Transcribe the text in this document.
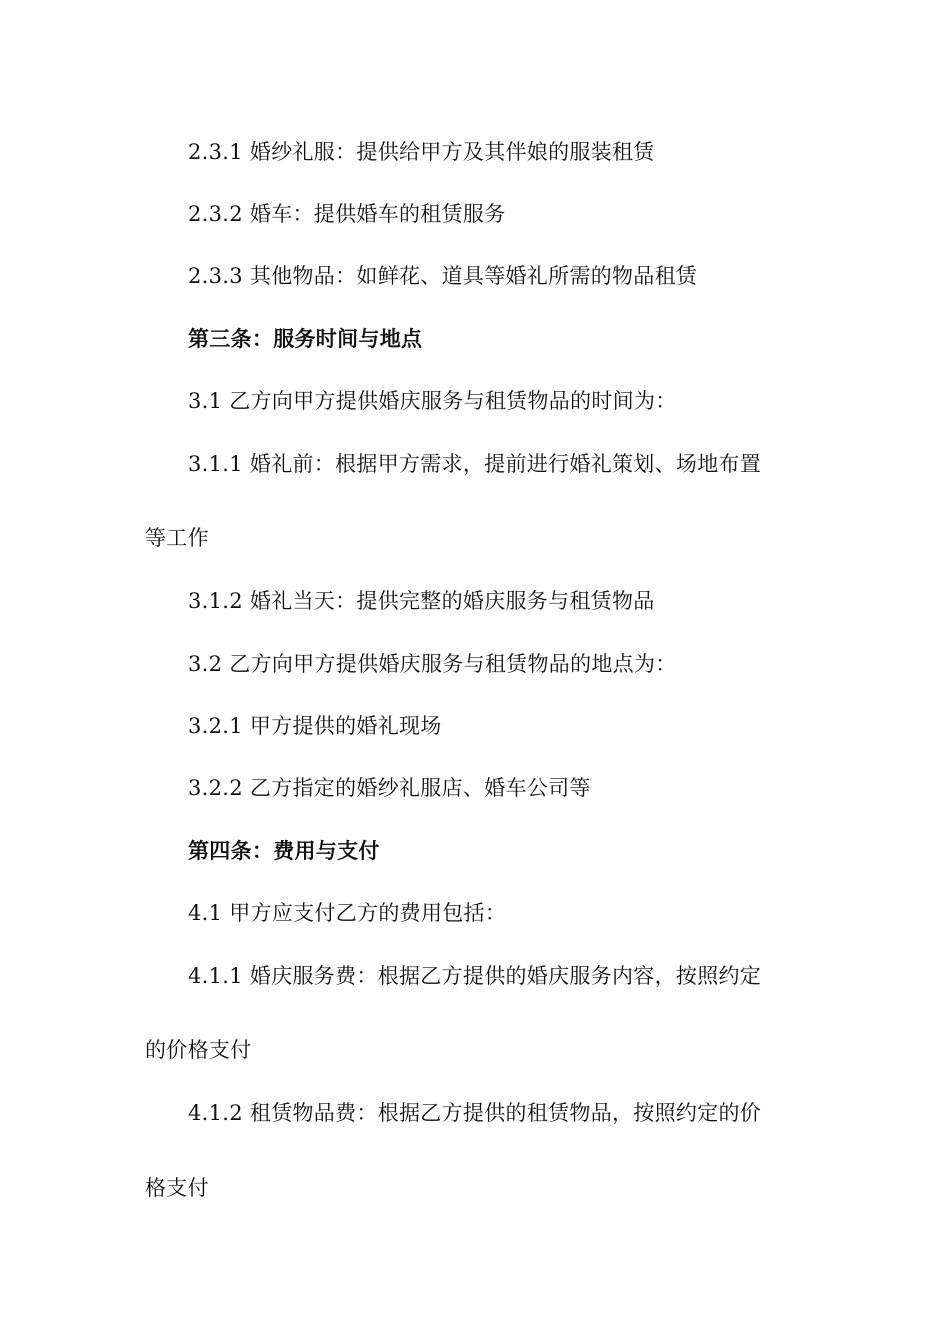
2.3.1 婚纱礼服：提供给甲方及其伴娘的服装租赁
2.3.2 婚车：提供婚车的租赁服务
2.3.3 其他物品：如鲜花、道具等婚礼所需的物品租赁
第三条：服务时间与地点
3.1 乙方向甲方提供婚庆服务与租赁物品的时间为：
3.1.1 婚礼前：根据甲方需求，提前进行婚礼策划、场地布置
等工作
3.1.2 婚礼当天：提供完整的婚庆服务与租赁物品
3.2 乙方向甲方提供婚庆服务与租赁物品的地点为：
3.2.1 甲方提供的婚礼现场
3.2.2 乙方指定的婚纱礼服店、婚车公司等
第四条：费用与支付
4.1 甲方应支付乙方的费用包括：
4.1.1 婚庆服务费：根据乙方提供的婚庆服务内容，按照约定
的价格支付
4.1.2 租赁物品费：根据乙方提供的租赁物品，按照约定的价
格支付
